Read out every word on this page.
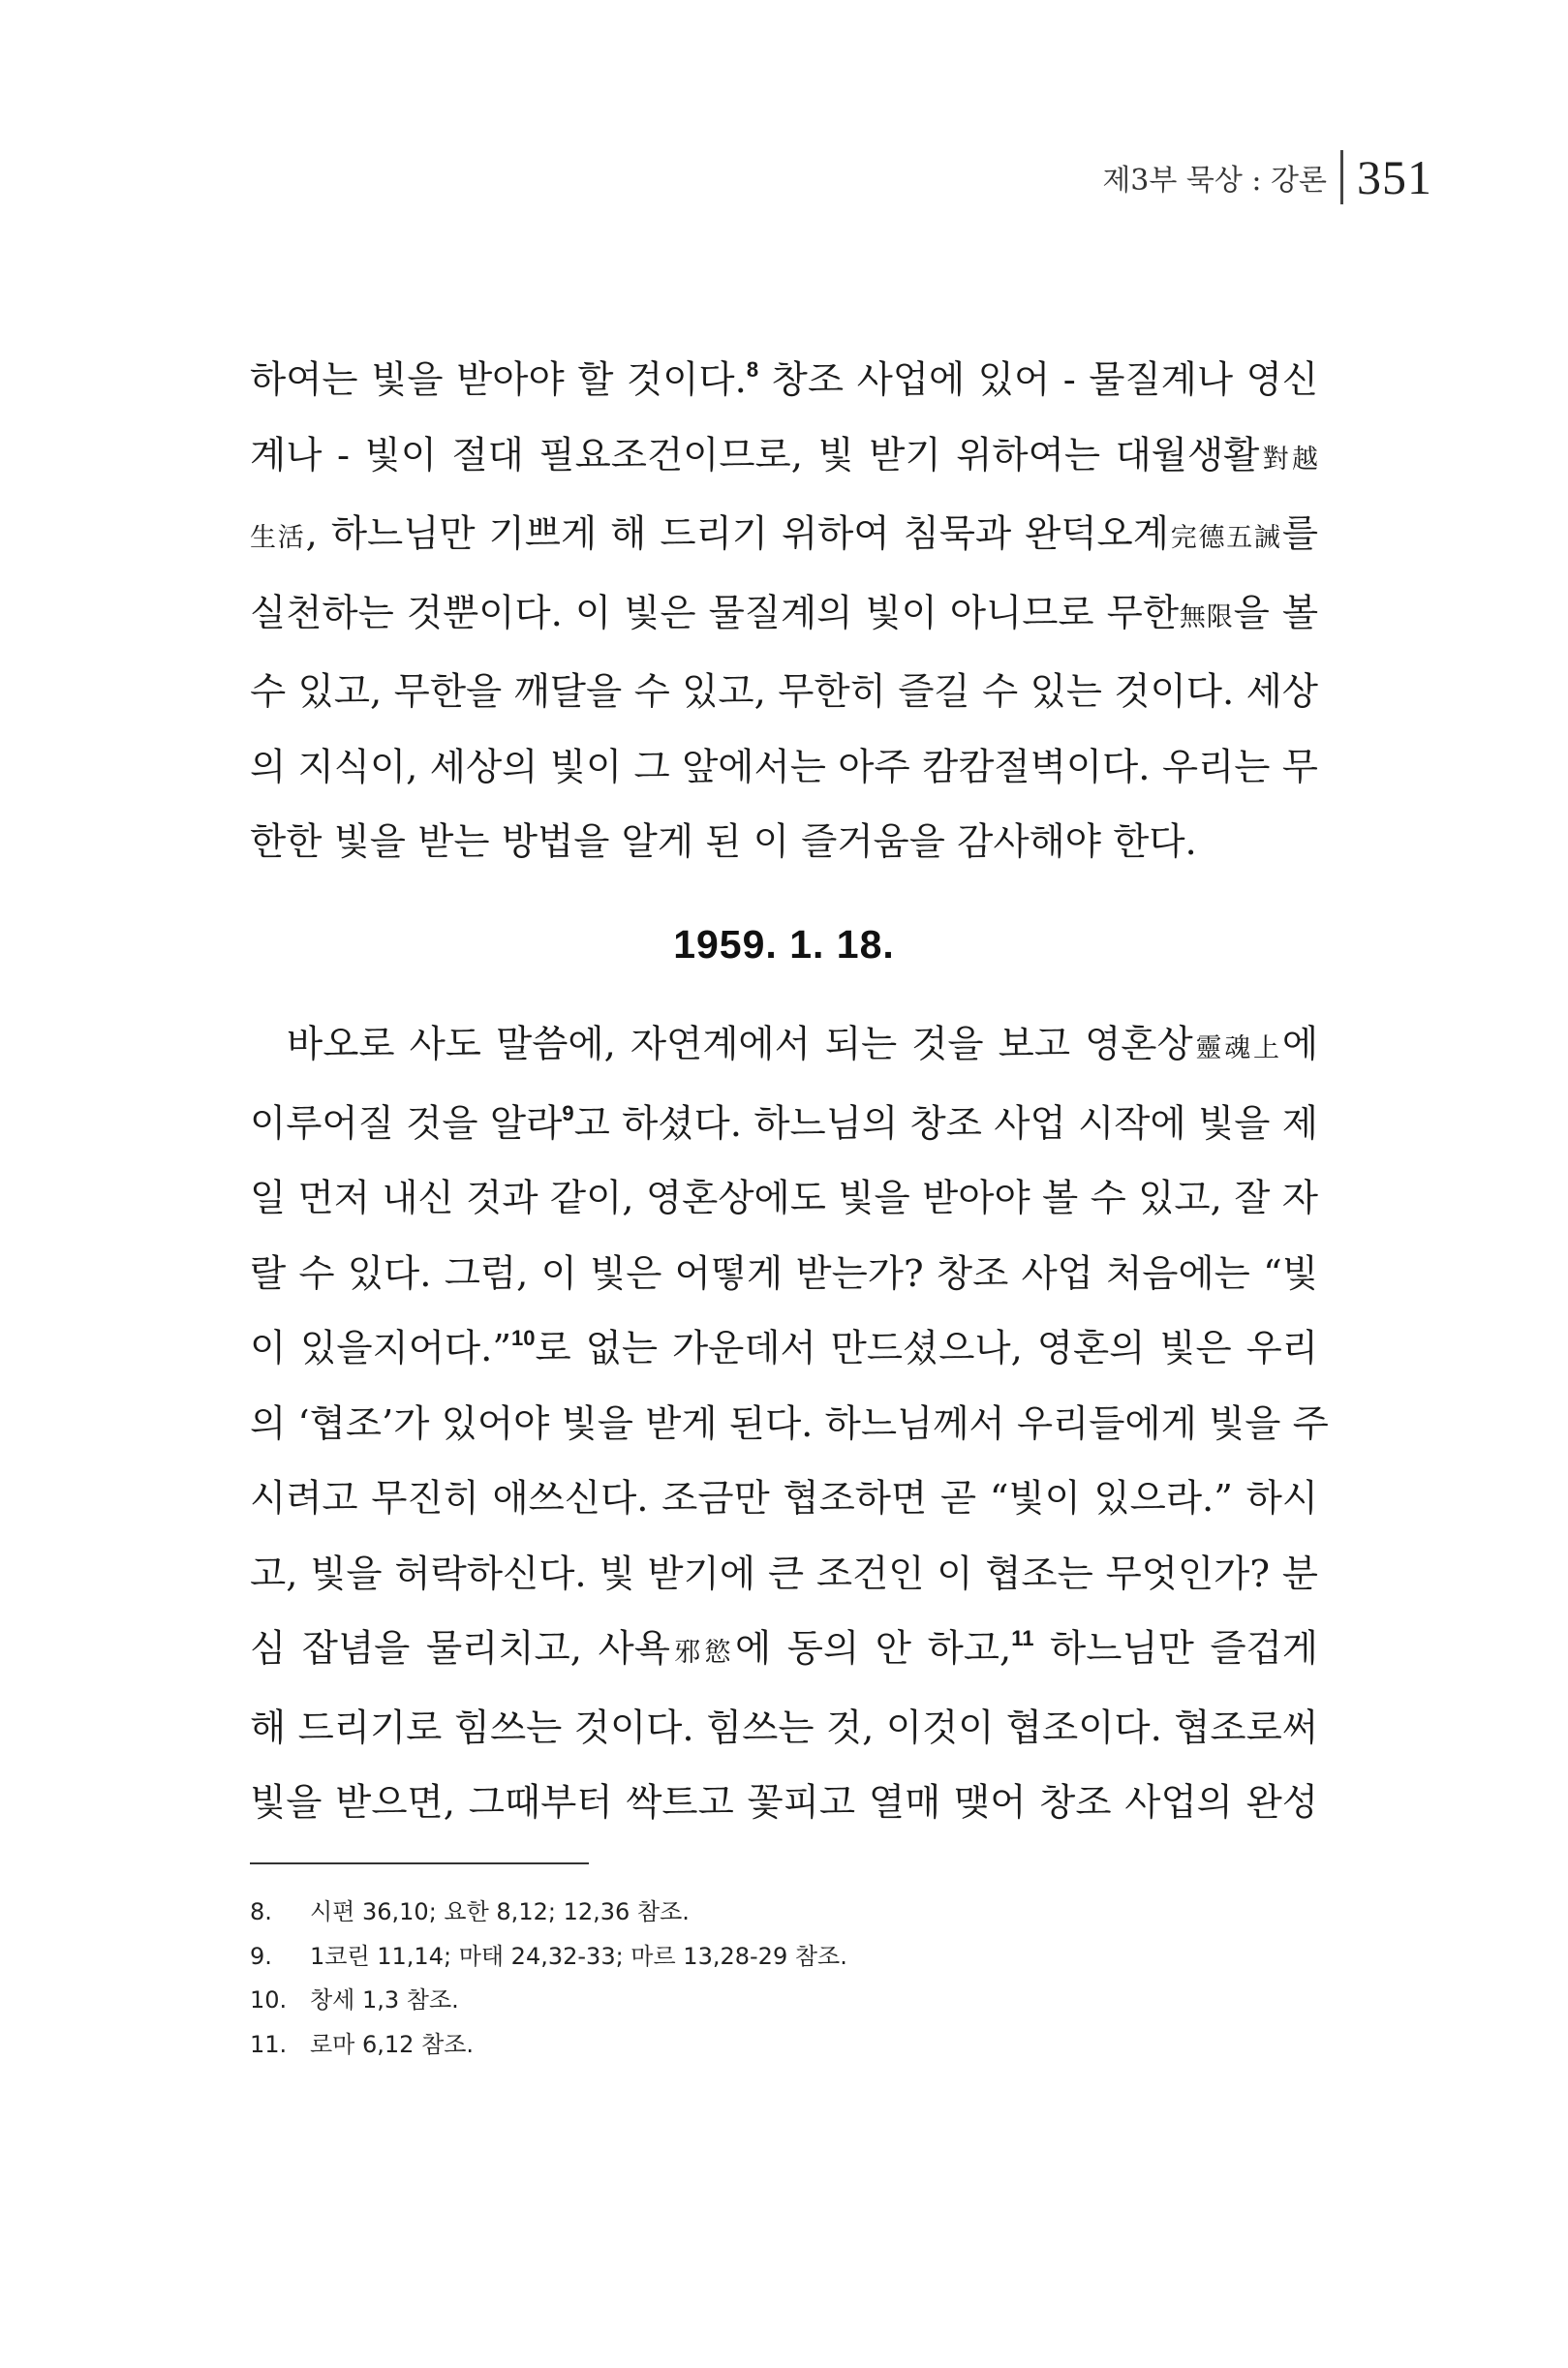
제3부 묵상 : 강론 351

하여는 빛을 받아야 할 것이다.$^8$ 창조 사업에 있어 - 물질계나 영신
계나 - 빛이 절대 필요조건이므로, 빛 받기 위하여는 대월생활對越
生活, 하느님만 기쁘게 해 드리기 위하여 침묵과 완덕오계完德五誡를
실천하는 것뿐이다. 이 빛은 물질계의 빛이 아니므로 무한無限을 볼
수 있고, 무한을 깨달을 수 있고, 무한히 즐길 수 있는 것이다. 세상
의 지식이, 세상의 빛이 그 앞에서는 아주 캄캄절벽이다. 우리는 무
한한 빛을 받는 방법을 알게 된 이 즐거움을 감사해야 한다.

1959. 1. 18.

바오로 사도 말씀에, 자연계에서 되는 것을 보고 영혼상靈魂上에
이루어질 것을 알라$^9$고 하셨다. 하느님의 창조 사업 시작에 빛을 제
일 먼저 내신 것과 같이, 영혼상에도 빛을 받아야 볼 수 있고, 잘 자
랄 수 있다. 그럼, 이 빛은 어떻게 받는가? 창조 사업 처음에는 “빛
이 있을지어다.”$^{10}$로 없는 가운데서 만드셨으나, 영혼의 빛은 우리
의 ‘협조’가 있어야 빛을 받게 된다. 하느님께서 우리들에게 빛을 주
시려고 무진히 애쓰신다. 조금만 협조하면 곧 “빛이 있으라.” 하시
고, 빛을 허락하신다. 빛 받기에 큰 조건인 이 협조는 무엇인가? 분
심 잡념을 물리치고, 사욕邪慾에 동의 안 하고,$^{11}$ 하느님만 즐겁게
해 드리기로 힘쓰는 것이다. 힘쓰는 것, 이것이 협조이다. 협조로써
빛을 받으면, 그때부터 싹트고 꽃피고 열매 맺어 창조 사업의 완성

8.	시편 36,10; 요한 8,12; 12,36 참조.
9.	1코린 11,14; 마태 24,32-33; 마르 13,28-29 참조.
10. 창세 1,3 참조.
11. 로마 6,12 참조.
